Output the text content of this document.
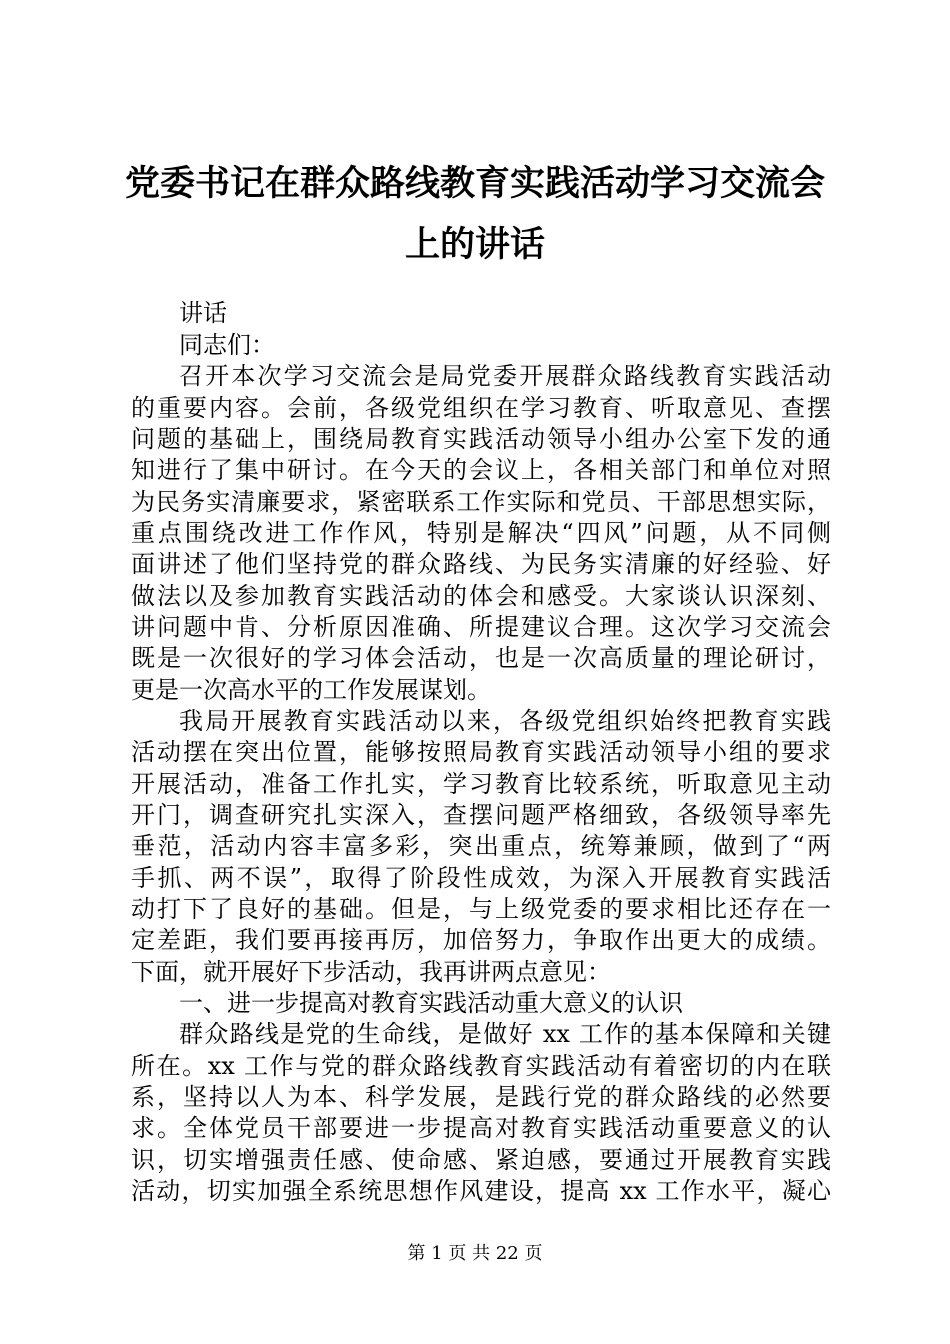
党委书记在群众路线教育实践活动学习交流会
上的讲话
讲话
同志们：
召开本次学习交流会是局党委开展群众路线教育实践活动
的重要内容。会前，各级党组织在学习教育、听取意见、查摆
问题的基础上，围绕局教育实践活动领导小组办公室下发的通
知进行了集中研讨。在今天的会议上，各相关部门和单位对照
为民务实清廉要求，紧密联系工作实际和党员、干部思想实际，
重点围绕改进工作作风，特别是解决“四风”问题，从不同侧
面讲述了他们坚持党的群众路线、为民务实清廉的好经验、好
做法以及参加教育实践活动的体会和感受。大家谈认识深刻、
讲问题中肯、分析原因准确、所提建议合理。这次学习交流会
既是一次很好的学习体会活动，也是一次高质量的理论研讨，
更是一次高水平的工作发展谋划。
我局开展教育实践活动以来，各级党组织始终把教育实践
活动摆在突出位置，能够按照局教育实践活动领导小组的要求
开展活动，准备工作扎实，学习教育比较系统，听取意见主动
开门，调查研究扎实深入，查摆问题严格细致，各级领导率先
垂范，活动内容丰富多彩，突出重点，统筹兼顾，做到了“两
手抓、两不误”，取得了阶段性成效，为深入开展教育实践活
动打下了良好的基础。但是，与上级党委的要求相比还存在一
定差距，我们要再接再厉，加倍努力，争取作出更大的成绩。
下面，就开展好下步活动，我再讲两点意见：
一、进一步提高对教育实践活动重大意义的认识
群众路线是党的生命线，是做好 xx 工作的基本保障和关键
所在。xx 工作与党的群众路线教育实践活动有着密切的内在联
系，坚持以人为本、科学发展，是践行党的群众路线的必然要
求。全体党员干部要进一步提高对教育实践活动重要意义的认
识，切实增强责任感、使命感、紧迫感，要通过开展教育实践
活动，切实加强全系统思想作风建设，提高 xx 工作水平，凝心
第 1 页 共 22 页
